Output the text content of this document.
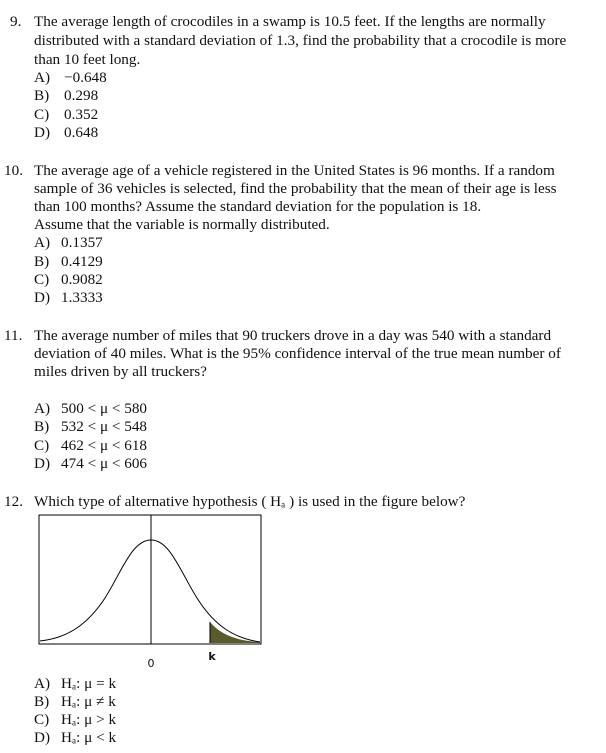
9. The average length of crocodiles in a swamp is 10.5 feet. If the lengths are normally
distributed with a standard deviation of 1.3, find the probability that a crocodile is more
than 10 feet long.
A) −0.648
B) 0.298
C) 0.352
D) 0.648
10. The average age of a vehicle registered in the United States is 96 months. If a random
sample of 36 vehicles is selected, find the probability that the mean of their age is less
than 100 months? Assume the standard deviation for the population is 18.
Assume that the variable is normally distributed.
A) 0.1357
B) 0.4129
C) 0.9082
D) 1.3333
11. The average number of miles that 90 truckers drove in a day was 540 with a standard
deviation of 40 miles. What is the 95% confidence interval of the true mean number of
miles driven by all truckers?
A) 500 < μ < 580
B) 532 < μ < 548
C) 462 < μ < 618
D) 474 < μ < 606
12. Which type of alternative hypothesis ( Hₐ ) is used in the figure below?
0
k
A) Hₐ: μ = k
B) Hₐ: μ ≠ k
C) Hₐ: μ > k
D) Hₐ: μ < k
